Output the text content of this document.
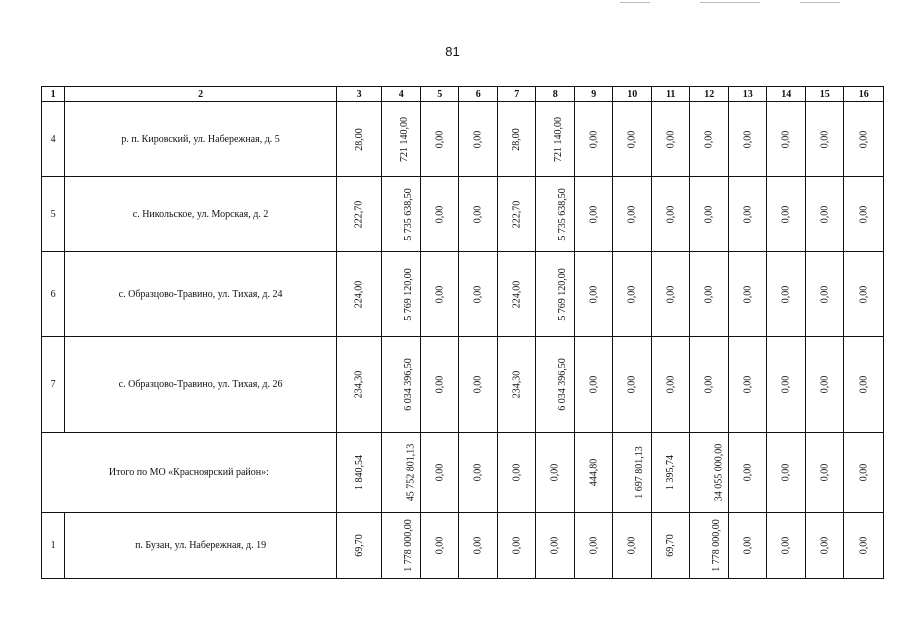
81
1	2	3	4	5	6	7	8	9	10	11	12	13	14	15	16
4	р. п. Кировский, ул. Набережная, д. 5	28,00	721 140,00	0,00	0,00	28,00	721 140,00	0,00	0,00	0,00	0,00	0,00	0,00	0,00	0,00
5	с. Никольское, ул. Морская, д. 2	222,70	5 735 638,50	0,00	0,00	222,70	5 735 638,50	0,00	0,00	0,00	0,00	0,00	0,00	0,00	0,00
6	с. Образцово-Травино, ул. Тихая, д. 24	224,00	5 769 120,00	0,00	0,00	224,00	5 769 120,00	0,00	0,00	0,00	0,00	0,00	0,00	0,00	0,00
7	с. Образцово-Травино, ул. Тихая, д. 26	234,30	6 034 396,50	0,00	0,00	234,30	6 034 396,50	0,00	0,00	0,00	0,00	0,00	0,00	0,00	0,00
Итого по МО «Красноярский район»:		1 840,54	45 752 801,13	0,00	0,00	0,00	0,00	444,80	1 697 801,13	1 395,74	34 055 000,00	0,00	0,00	0,00	0,00
1	п. Бузан, ул. Набережная, д. 19	69,70	1 778 000,00	0,00	0,00	0,00	0,00	0,00	0,00	69,70	1 778 000,00	0,00	0,00	0,00	0,00
